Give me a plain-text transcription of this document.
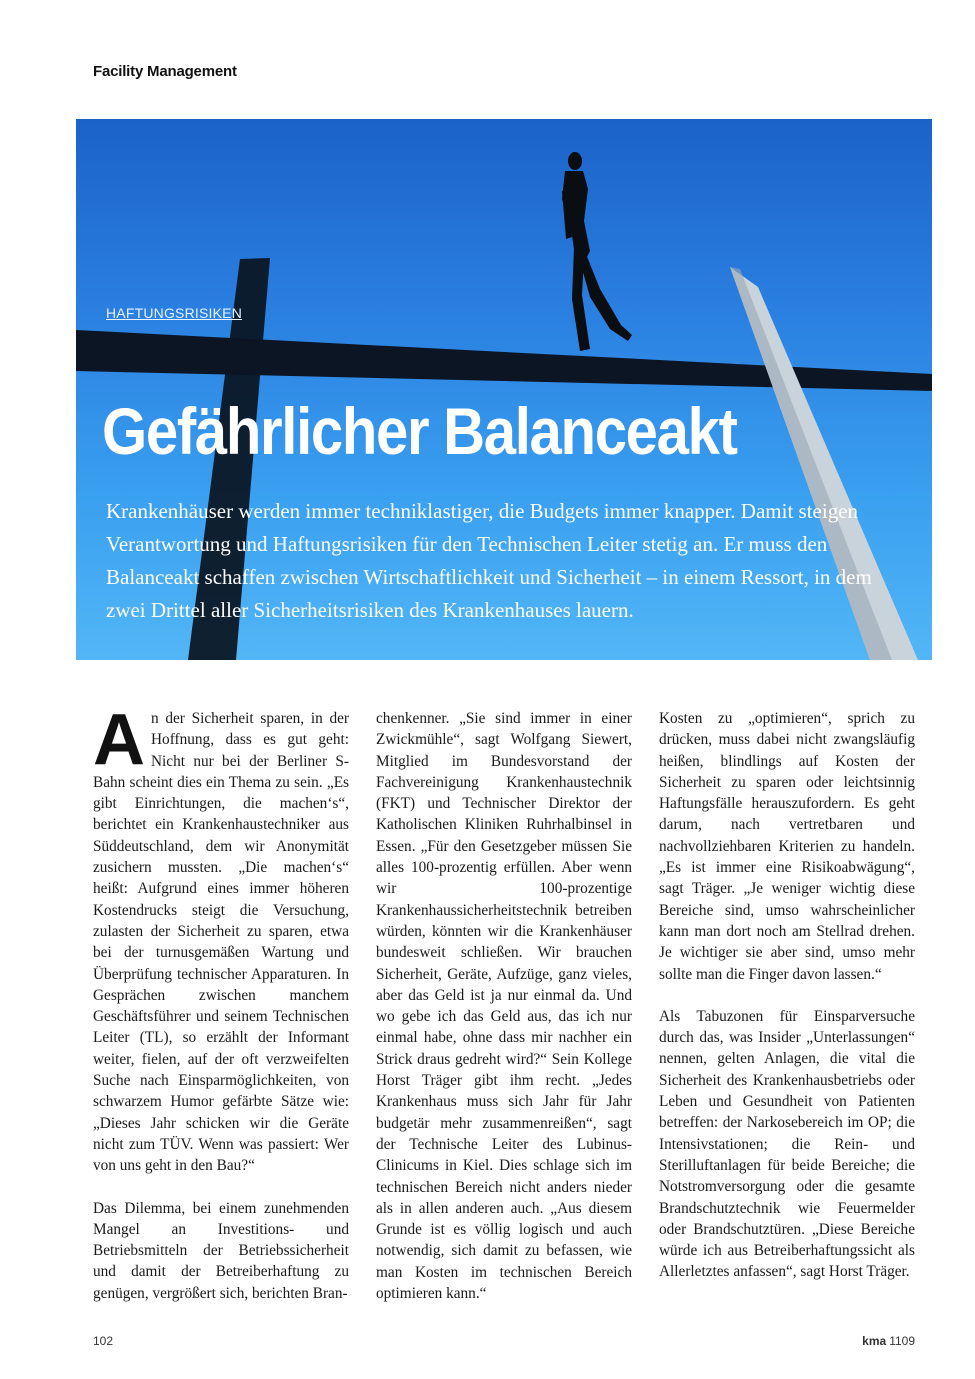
Facility Management
HAFTUNGSRISIKEN
Gefährlicher Balanceakt

Krankenhäuser werden immer techniklastiger, die Budgets immer knapper. Damit steigen Verantwortung und Haftungsrisiken für den Technischen Leiter stetig an. Er muss den Balanceakt schaffen zwischen Wirtschaftlichkeit und Sicherheit – in einem Ressort, in dem zwei Drittel aller Sicherheitsrisiken des Krankenhauses lauern.

A n der Sicherheit sparen, in der Hoffnung, dass es gut geht: Nicht nur bei der Berliner S-Bahn scheint dies ein Thema zu sein. „Es gibt Einrichtungen, die machen‘s“, berichtet ein Krankenhaustechniker aus Süddeutschland, dem wir Anonymität zusichern mussten. „Die machen‘s“ heißt: Aufgrund eines immer höheren Kostendrucks steigt die Versuchung, zulasten der Sicherheit zu sparen, etwa bei der turnusgemäßen Wartung und Überprüfung technischer Apparaturen. In Gesprächen zwischen manchem Geschäftsführer und seinem Technischen Leiter (TL), so erzählt der Informant weiter, fielen, auf der oft verzweifelten Suche nach Einsparmöglichkeiten, von schwarzem Humor gefärbte Sätze wie: „Dieses Jahr schicken wir die Geräte nicht zum TÜV. Wenn was passiert: Wer von uns geht in den Bau?“

Das Dilemma, bei einem zunehmenden Mangel an Investitions- und Betriebsmitteln der Betriebssicherheit und damit der Betreiberhaftung zu genügen, vergrößert sich, berichten Bran-

chenkenner. „Sie sind immer in einer Zwickmühle“, sagt Wolfgang Siewert, Mitglied im Bundesvorstand der Fachvereinigung Krankenhaustechnik (FKT) und Technischer Direktor der Katholischen Kliniken Ruhrhalbinsel in Essen. „Für den Gesetzgeber müssen Sie alles 100-prozentig erfüllen. Aber wenn wir 100-prozentige Krankenhaussicherheitstechnik betreiben würden, könnten wir die Krankenhäuser bundesweit schließen. Wir brauchen Sicherheit, Geräte, Aufzüge, ganz vieles, aber das Geld ist ja nur einmal da. Und wo gebe ich das Geld aus, das ich nur einmal habe, ohne dass mir nachher ein Strick draus gedreht wird?“ Sein Kollege Horst Träger gibt ihm recht. „Jedes Krankenhaus muss sich Jahr für Jahr budgetär mehr zusammenreißen“, sagt der Technische Leiter des Lubinus-Clinicums in Kiel. Dies schlage sich im technischen Bereich nicht anders nieder als in allen anderen auch. „Aus diesem Grunde ist es völlig logisch und auch notwendig, sich damit zu befassen, wie man Kosten im technischen Bereich optimieren kann.“

Kosten zu „optimieren“, sprich zu drücken, muss dabei nicht zwangsläufig heißen, blindlings auf Kosten der Sicherheit zu sparen oder leichtsinnig Haftungsfälle herauszufordern. Es geht darum, nach vertretbaren und nachvollziehbaren Kriterien zu handeln. „Es ist immer eine Risikoabwägung“, sagt Träger. „Je weniger wichtig diese Bereiche sind, umso wahrscheinlicher kann man dort noch am Stellrad drehen. Je wichtiger sie aber sind, umso mehr sollte man die Finger davon lassen.“

Als Tabuzonen für Einsparversuche durch das, was Insider „Unterlassungen“ nennen, gelten Anlagen, die vital die Sicherheit des Krankenhausbetriebs oder Leben und Gesundheit von Patienten betreffen: der Narkosebereich im OP; die Intensivstationen; die Rein- und Sterilluftanlagen für beide Bereiche; die Notstromversorgung oder die gesamte Brandschutztechnik wie Feuermelder oder Brandschutztüren. „Diese Bereiche würde ich aus Betreiberhaftungssicht als Allerletztes anfassen“, sagt Horst Träger.

102	kma 1109
